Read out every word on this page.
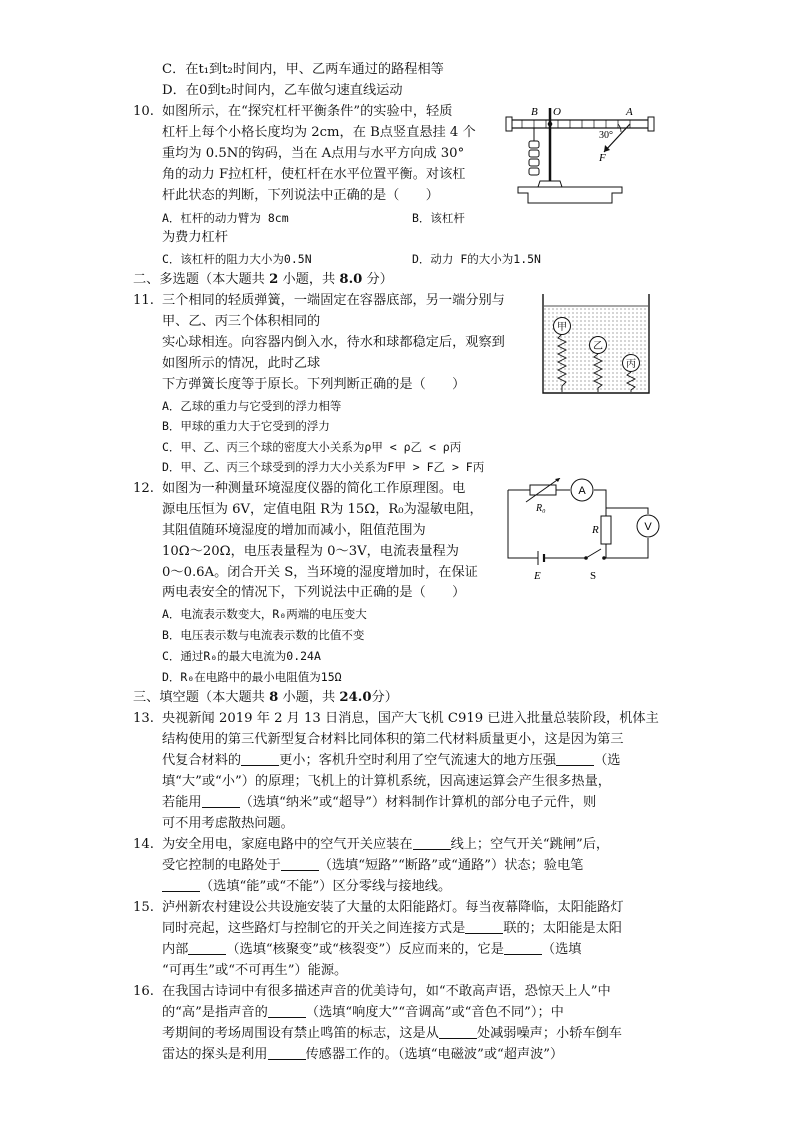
C．在t₁到t₂时间内，甲、乙两车通过的路程相等
D．在0到t₂时间内，乙车做匀速直线运动
10. 如图所示，在“探究杠杆平衡条件”的实验中，轻质
杠杆上每个小格长度均为 2cm，在 B点竖直悬挂 4 个
重均为 0.5N的钩码，当在 A点用与水平方向成 30°
角的动力 F拉杠杆，使杠杆在水平位置平衡。对该杠
杆此状态的判断，下列说法中正确的是（　　）
A．杠杆的动力臂为 8cm	B．该杠杆
为费力杠杆
C．该杠杆的阻力大小为0.5N	D．动力 F的大小为1.5N
B O	A
30°
F
二、多选题（本大题共 2 小题，共 8.0 分）
11. 三个相同的轻质弹簧，一端固定在容器底部，另一端分别与
甲、乙、丙三个体积相同的
实心球相连。向容器内倒入水，待水和球都稳定后，观察到
如图所示的情况，此时乙球
下方弹簧长度等于原长。下列判断正确的是（　　）
A．乙球的重力与它受到的浮力相等
B．甲球的重力大于它受到的浮力
C．甲、乙、丙三个球的密度大小关系为ρ甲 < ρ乙 < ρ丙
D．甲、乙、丙三个球受到的浮力大小关系为F甲 > F乙 > F丙
甲
乙
丙
12. 如图为一种测量环境湿度仪器的简化工作原理图。电
源电压恒为 6V，定值电阻 R为 15Ω，R₀为湿敏电阻，
其阻值随环境湿度的增加而减小，阻值范围为
10Ω～20Ω，电压表量程为 0～3V，电流表量程为
0～0.6A。闭合开关 S，当环境的湿度增加时，在保证
两电表安全的情况下，下列说法中正确的是（　　）
A．电流表示数变大，R₀两端的电压变大
B．电压表示数与电流表示数的比值不变
C．通过R₀的最大电流为0.24A
D．R₀在电路中的最小电阻值为15Ω
A
V
R₀
R
E	S
三、填空题（本大题共 8 小题，共 24.0分）
13. 央视新闻 2019 年 2 月 13 日消息，国产大飞机 C919 已进入批量总装阶段，机体主
结构使用的第三代新型复合材料比同体积的第二代材料质量更小，这是因为第三
代复合材料的	更小；客机升空时利用了空气流速大的地方压强	（选
填“大”或“小”）的原理；飞机上的计算机系统，因高速运算会产生很多热量，
若能用	（选填“纳米”或“超导”）材料制作计算机的部分电子元件，则
可不用考虑散热问题。
14. 为安全用电，家庭电路中的空气开关应装在	线上；空气开关“跳闸”后，
受它控制的电路处于	（选填“短路”“断路”或“通路”）状态；验电笔
（选填“能”或“不能”）区分零线与接地线。
15. 泸州新农村建设公共设施安装了大量的太阳能路灯。每当夜幕降临，太阳能路灯
同时亮起，这些路灯与控制它的开关之间连接方式是	联的；太阳能是太阳
内部	（选填“核聚变”或“核裂变”）反应而来的，它是	（选填
“可再生”或“不可再生”）能源。
16. 在我国古诗词中有很多描述声音的优美诗句，如“不敢高声语，恐惊天上人”中
的“高”是指声音的	（选填“响度大”“音调高”或“音色不同”）；中
考期间的考场周围设有禁止鸣笛的标志，这是从	处减弱噪声；小轿车倒车
雷达的探头是利用	传感器工作的。（选填“电磁波”或“超声波”）
